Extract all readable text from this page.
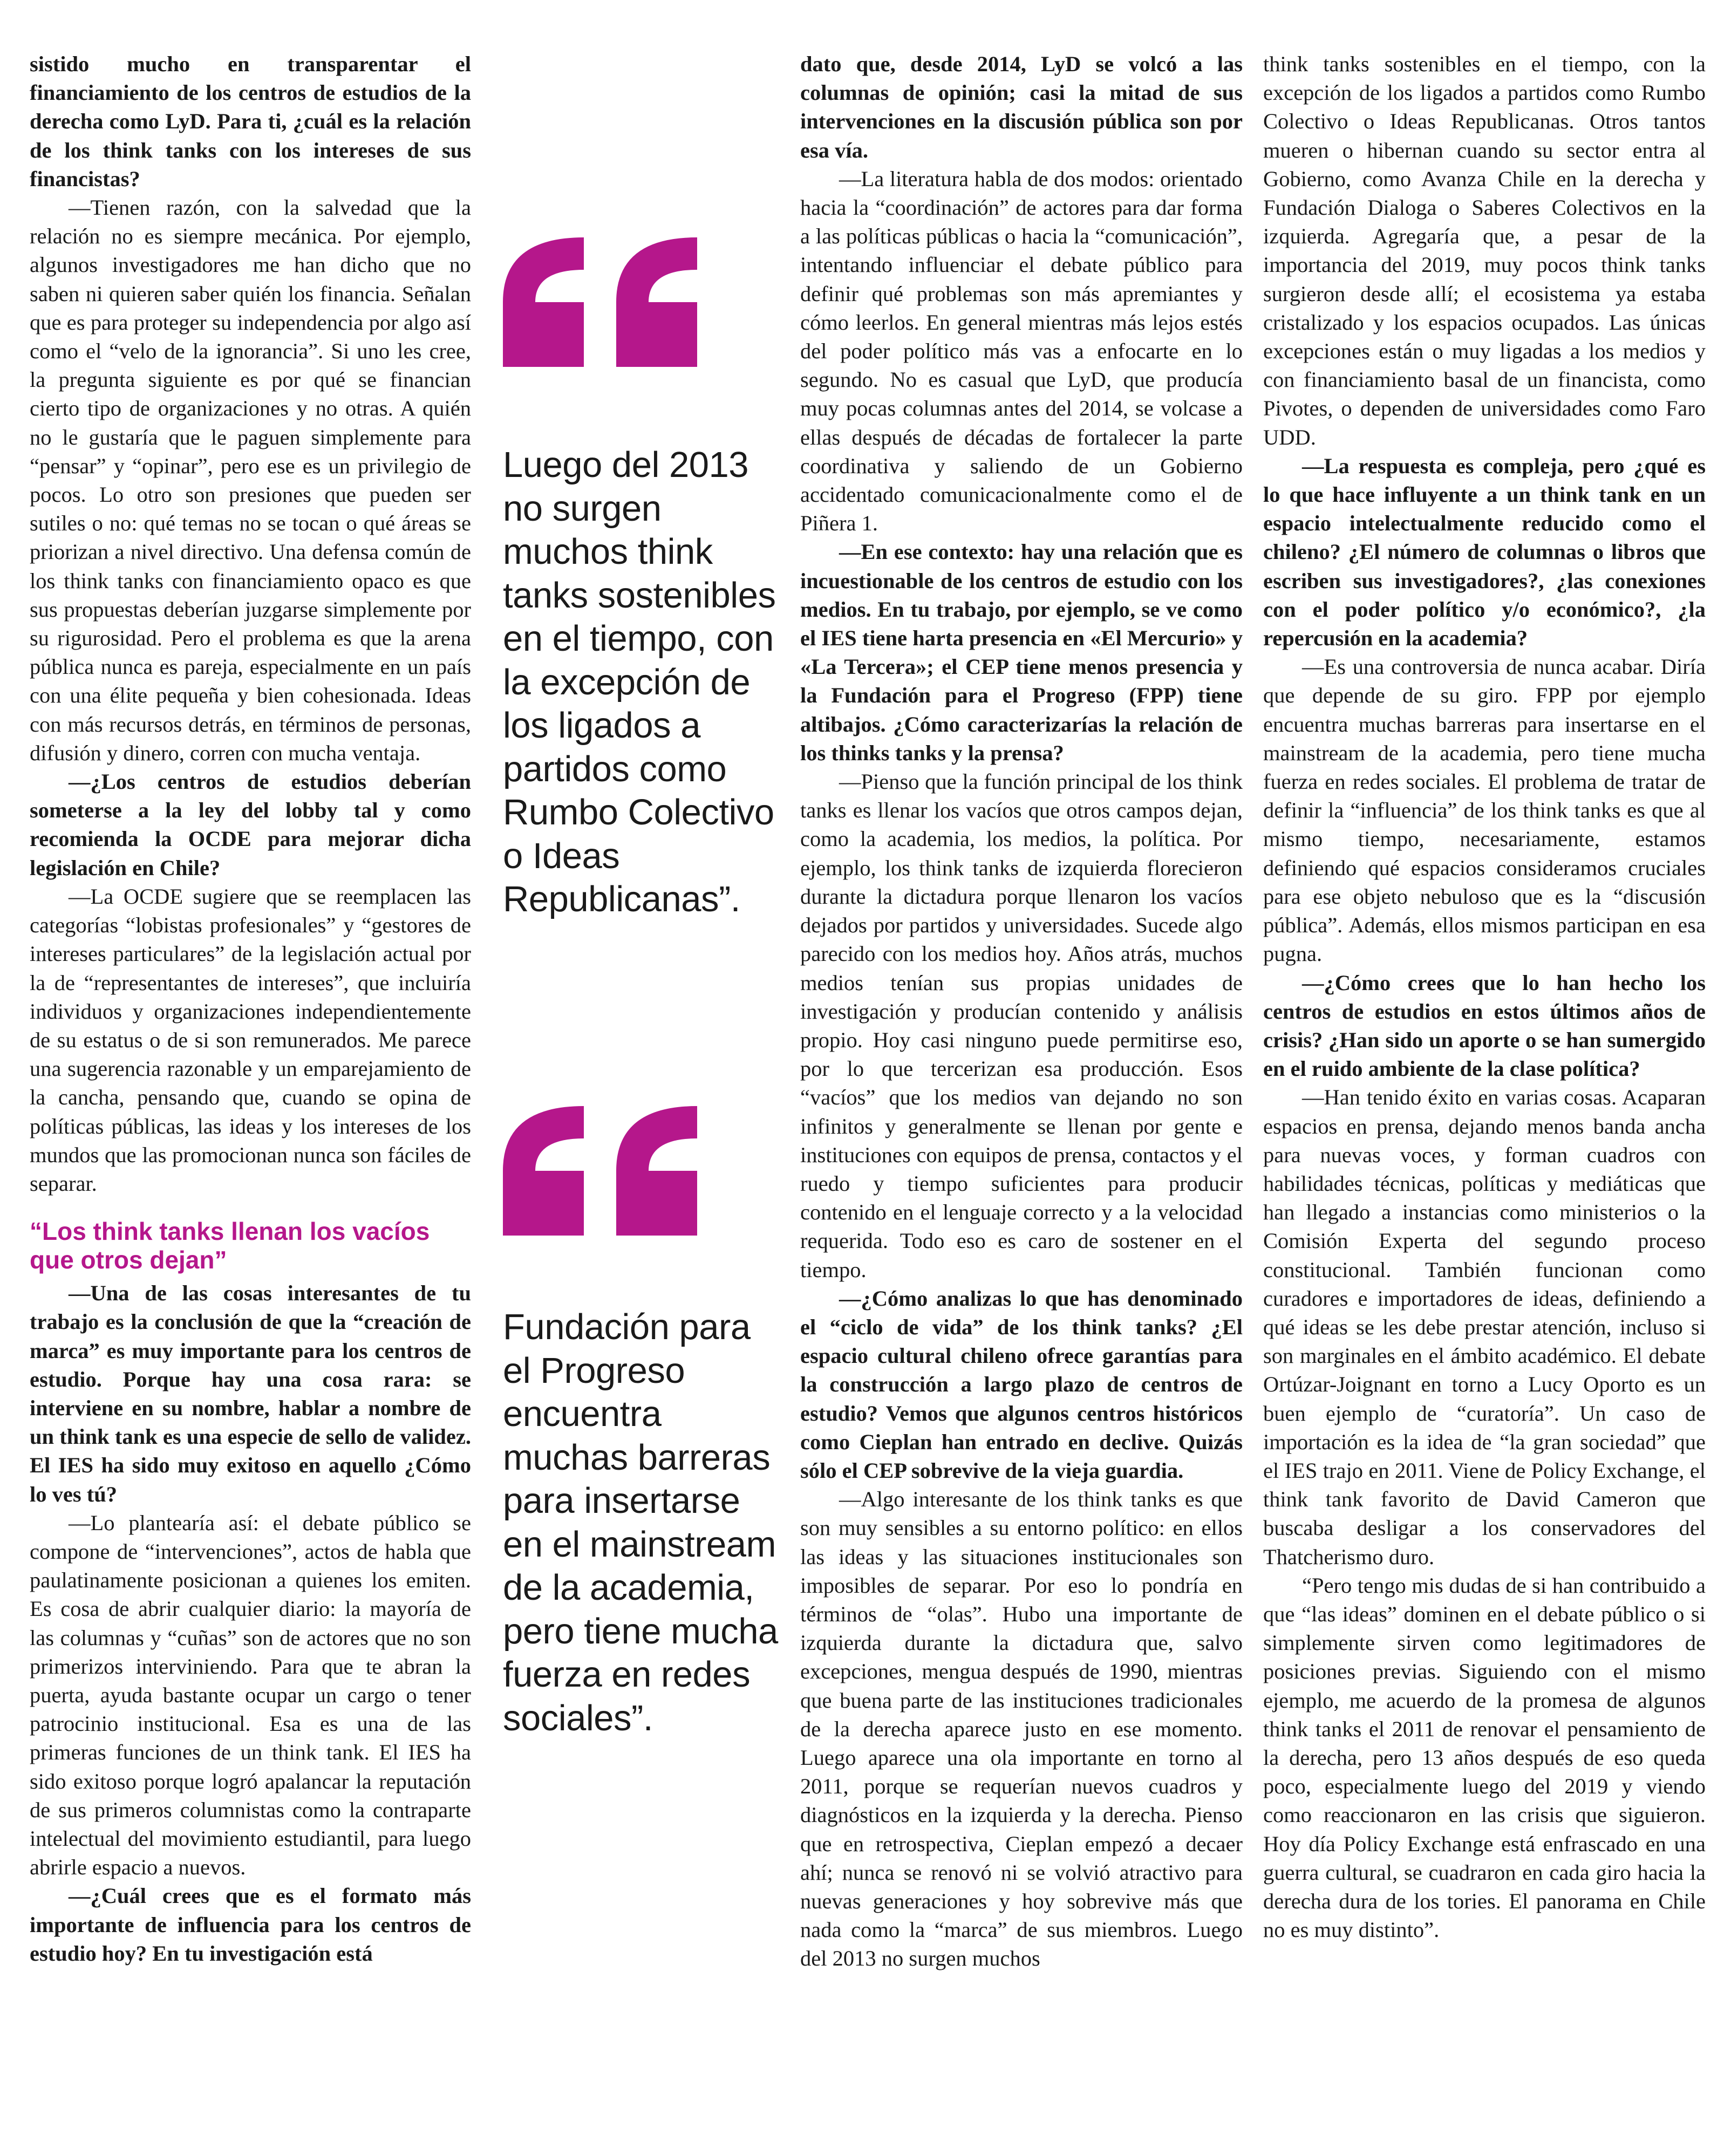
sistido mucho en transparentar el financiamiento de los centros de estudios de la derecha como LyD. Para ti, ¿cuál es la relación de los think tanks con los intereses de sus financistas?

—Tienen razón, con la salvedad que la relación no es siempre mecánica. Por ejemplo, algunos investigadores me han dicho que no saben ni quieren saber quién los financia. Señalan que es para proteger su independencia por algo así como el “velo de la ignorancia”. Si uno les cree, la pregunta siguiente es por qué se financian cierto tipo de organizaciones y no otras. A quién no le gustaría que le paguen simplemente para “pensar” y “opinar”, pero ese es un privilegio de pocos. Lo otro son presiones que pueden ser sutiles o no: qué temas no se tocan o qué áreas se priorizan a nivel directivo. Una defensa común de los think tanks con financiamiento opaco es que sus propuestas deberían juzgarse simplemente por su rigurosidad. Pero el problema es que la arena pública nunca es pareja, especialmente en un país con una élite pequeña y bien cohesionada. Ideas con más recursos detrás, en términos de personas, difusión y dinero, corren con mucha ventaja.

—¿Los centros de estudios deberían someterse a la ley del lobby tal y como recomienda la OCDE para mejorar dicha legislación en Chile?

—La OCDE sugiere que se reemplacen las categorías “lobistas profesionales” y “gestores de intereses particulares” de la legislación actual por la de “representantes de intereses”, que incluiría individuos y organizaciones independientemente de su estatus o de si son remunerados. Me parece una sugerencia razonable y un emparejamiento de la cancha, pensando que, cuando se opina de políticas públicas, las ideas y los intereses de los mundos que las promocionan nunca son fáciles de separar.

“Los think tanks llenan los vacíos que otros dejan”

—Una de las cosas interesantes de tu trabajo es la conclusión de que la “creación de marca” es muy importante para los centros de estudio. Porque hay una cosa rara: se interviene en su nombre, hablar a nombre de un think tank es una especie de sello de validez. El IES ha sido muy exitoso en aquello ¿Cómo lo ves tú?

—Lo plantearía así: el debate público se compone de “intervenciones”, actos de habla que paulatinamente posicionan a quienes los emiten. Es cosa de abrir cualquier diario: la mayoría de las columnas y “cuñas” son de actores que no son primerizos interviniendo. Para que te abran la puerta, ayuda bastante ocupar un cargo o tener patrocinio institucional. Esa es una de las primeras funciones de un think tank. El IES ha sido exitoso porque logró apalancar la reputación de sus primeros columnistas como la contraparte intelectual del movimiento estudiantil, para luego abrirle espacio a nuevos.

—¿Cuál crees que es el formato más importante de influencia para los centros de estudio hoy? En tu investigación está

Luego del 2013 no surgen muchos think tanks sostenibles en el tiempo, con la excepción de los ligados a partidos como Rumbo Colectivo o Ideas Republicanas”.
Fundación para el Progreso encuentra muchas barreras para insertarse en el mainstream de la academia, pero tiene mucha fuerza en redes sociales”.

dato que, desde 2014, LyD se volcó a las columnas de opinión; casi la mitad de sus intervenciones en la discusión pública son por esa vía.

—La literatura habla de dos modos: orientado hacia la “coordinación” de actores para dar forma a las políticas públicas o hacia la “comunicación”, intentando influenciar el debate público para definir qué problemas son más apremiantes y cómo leerlos. En general mientras más lejos estés del poder político más vas a enfocarte en lo segundo. No es casual que LyD, que producía muy pocas columnas antes del 2014, se volcase a ellas después de décadas de fortalecer la parte coordinativa y saliendo de un Gobierno accidentado comunicacionalmente como el de Piñera 1.

—En ese contexto: hay una relación que es incuestionable de los centros de estudio con los medios. En tu trabajo, por ejemplo, se ve como el IES tiene harta presencia en «El Mercurio» y «La Tercera»; el CEP tiene menos presencia y la Fundación para el Progreso (FPP) tiene altibajos. ¿Cómo caracterizarías la relación de los thinks tanks y la prensa?

—Pienso que la función principal de los think tanks es llenar los vacíos que otros campos dejan, como la academia, los medios, la política. Por ejemplo, los think tanks de izquierda florecieron durante la dictadura porque llenaron los vacíos dejados por partidos y universidades. Sucede algo parecido con los medios hoy. Años atrás, muchos medios tenían sus propias unidades de investigación y producían contenido y análisis propio. Hoy casi ninguno puede permitirse eso, por lo que tercerizan esa producción. Esos “vacíos” que los medios van dejando no son infinitos y generalmente se llenan por gente e instituciones con equipos de prensa, contactos y el ruedo y tiempo suficientes para producir contenido en el lenguaje correcto y a la velocidad requerida. Todo eso es caro de sostener en el tiempo.

—¿Cómo analizas lo que has denominado el “ciclo de vida” de los think tanks? ¿El espacio cultural chileno ofrece garantías para la construcción a largo plazo de centros de estudio? Vemos que algunos centros históricos como Cieplan han entrado en declive. Quizás sólo el CEP sobrevive de la vieja guardia.

—Algo interesante de los think tanks es que son muy sensibles a su entorno político: en ellos las ideas y las situaciones institucionales son imposibles de separar. Por eso lo pondría en términos de “olas”. Hubo una importante de izquierda durante la dictadura que, salvo excepciones, mengua después de 1990, mientras que buena parte de las instituciones tradicionales de la derecha aparece justo en ese momento. Luego aparece una ola importante en torno al 2011, porque se requerían nuevos cuadros y diagnósticos en la izquierda y la derecha. Pienso que en retrospectiva, Cieplan empezó a decaer ahí; nunca se renovó ni se volvió atractivo para nuevas generaciones y hoy sobrevive más que nada como la “marca” de sus miembros. Luego del 2013 no surgen muchos

think tanks sostenibles en el tiempo, con la excepción de los ligados a partidos como Rumbo Colectivo o Ideas Republicanas. Otros tantos mueren o hibernan cuando su sector entra al Gobierno, como Avanza Chile en la derecha y Fundación Dialoga o Saberes Colectivos en la izquierda. Agregaría que, a pesar de la importancia del 2019, muy pocos think tanks surgieron desde allí; el ecosistema ya estaba cristalizado y los espacios ocupados. Las únicas excepciones están o muy ligadas a los medios y con financiamiento basal de un financista, como Pivotes, o dependen de universidades como Faro UDD.

—La respuesta es compleja, pero ¿qué es lo que hace influyente a un think tank en un espacio intelectualmente reducido como el chileno? ¿El número de columnas o libros que escriben sus investigadores?, ¿las conexiones con el poder político y/o económico?, ¿la repercusión en la academia?

—Es una controversia de nunca acabar. Diría que depende de su giro. FPP por ejemplo encuentra muchas barreras para insertarse en el mainstream de la academia, pero tiene mucha fuerza en redes sociales. El problema de tratar de definir la “influencia” de los think tanks es que al mismo tiempo, necesariamente, estamos definiendo qué espacios consideramos cruciales para ese objeto nebuloso que es la “discusión pública”. Además, ellos mismos participan en esa pugna.

—¿Cómo crees que lo han hecho los centros de estudios en estos últimos años de crisis? ¿Han sido un aporte o se han sumergido en el ruido ambiente de la clase política?

—Han tenido éxito en varias cosas. Acaparan espacios en prensa, dejando menos banda ancha para nuevas voces, y forman cuadros con habilidades técnicas, políticas y mediáticas que han llegado a instancias como ministerios o la Comisión Experta del segundo proceso constitucional. También funcionan como curadores e importadores de ideas, definiendo a qué ideas se les debe prestar atención, incluso si son marginales en el ámbito académico. El debate Ortúzar-Joignant en torno a Lucy Oporto es un buen ejemplo de “curatoría”. Un caso de importación es la idea de “la gran sociedad” que el IES trajo en 2011. Viene de Policy Exchange, el think tank favorito de David Cameron que buscaba desligar a los conservadores del Thatcherismo duro.

“Pero tengo mis dudas de si han contribuido a que “las ideas” dominen en el debate público o si simplemente sirven como legitimadores de posiciones previas. Siguiendo con el mismo ejemplo, me acuerdo de la promesa de algunos think tanks el 2011 de renovar el pensamiento de la derecha, pero 13 años después de eso queda poco, especialmente luego del 2019 y viendo como reaccionaron en las crisis que siguieron. Hoy día Policy Exchange está enfrascado en una guerra cultural, se cuadraron en cada giro hacia la derecha dura de los tories. El panorama en Chile no es muy distinto”.
